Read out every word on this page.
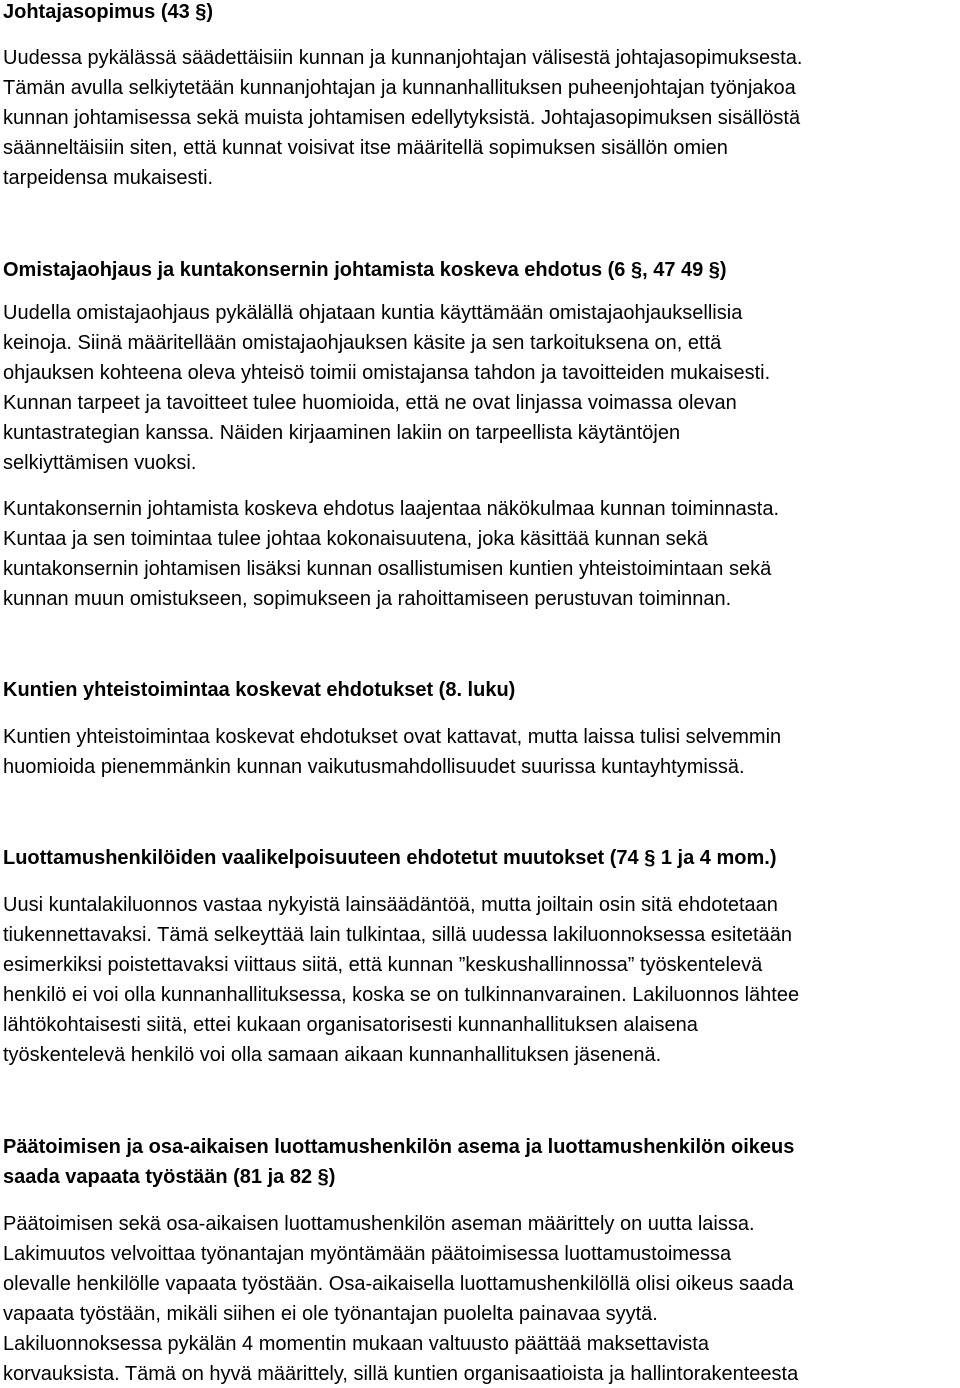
Johtajasopimus (43 §)
Uudessa pykälässä säädettäisiin kunnan ja kunnanjohtajan välisestä johtajasopimuksesta.
Tämän avulla selkiytetään kunnanjohtajan ja kunnanhallituksen puheenjohtajan työnjakoa
kunnan johtamisessa sekä muista johtamisen edellytyksistä. Johtajasopimuksen sisällöstä
säänneltäisiin siten, että kunnat voisivat itse määritellä sopimuksen sisällön omien
tarpeidensa mukaisesti.
Omistajaohjaus ja kuntakonsernin johtamista koskeva ehdotus (6 §, 47 49 §)
Uudella omistajaohjaus pykälällä ohjataan kuntia käyttämään omistajaohjauksellisia
keinoja. Siinä määritellään omistajaohjauksen käsite ja sen tarkoituksena on, että
ohjauksen kohteena oleva yhteisö toimii omistajansa tahdon ja tavoitteiden mukaisesti.
Kunnan tarpeet ja tavoitteet tulee huomioida, että ne ovat linjassa voimassa olevan
kuntastrategian kanssa. Näiden kirjaaminen lakiin on tarpeellista käytäntöjen
selkiyttämisen vuoksi.
Kuntakonsernin johtamista koskeva ehdotus laajentaa näkökulmaa kunnan toiminnasta.
Kuntaa ja sen toimintaa tulee johtaa kokonaisuutena, joka käsittää kunnan sekä
kuntakonsernin johtamisen lisäksi kunnan osallistumisen kuntien yhteistoimintaan sekä
kunnan muun omistukseen, sopimukseen ja rahoittamiseen perustuvan toiminnan.
Kuntien yhteistoimintaa koskevat ehdotukset (8. luku)
Kuntien yhteistoimintaa koskevat ehdotukset ovat kattavat, mutta laissa tulisi selvemmin
huomioida pienemmänkin kunnan vaikutusmahdollisuudet suurissa kuntayhtymissä.
Luottamushenkilöiden vaalikelpoisuuteen ehdotetut muutokset (74 § 1 ja 4 mom.)
Uusi kuntalakiluonnos vastaa nykyistä lainsäädäntöä, mutta joiltain osin sitä ehdotetaan
tiukennettavaksi. Tämä selkeyttää lain tulkintaa, sillä uudessa lakiluonnoksessa esitetään
esimerkiksi poistettavaksi viittaus siitä, että kunnan ”keskushallinnossa” työskentelevä
henkilö ei voi olla kunnanhallituksessa, koska se on tulkinnanvarainen. Lakiluonnos lähtee
lähtökohtaisesti siitä, ettei kukaan organisatorisesti kunnanhallituksen alaisena
työskentelevä henkilö voi olla samaan aikaan kunnanhallituksen jäsenenä.
Päätoimisen ja osa-aikaisen luottamushenkilön asema ja luottamushenkilön oikeus
saada vapaata työstään (81 ja 82 §)
Päätoimisen sekä osa-aikaisen luottamushenkilön aseman määrittely on uutta laissa.
Lakimuutos velvoittaa työnantajan myöntämään päätoimisessa luottamustoimessa
olevalle henkilölle vapaata työstään. Osa-aikaisella luottamushenkilöllä olisi oikeus saada
vapaata työstään, mikäli siihen ei ole työnantajan puolelta painavaa syytä.
Lakiluonnoksessa pykälän 4 momentin mukaan valtuusto päättää maksettavista
korvauksista. Tämä on hyvä määrittely, sillä kuntien organisaatioista ja hallintorakenteesta
